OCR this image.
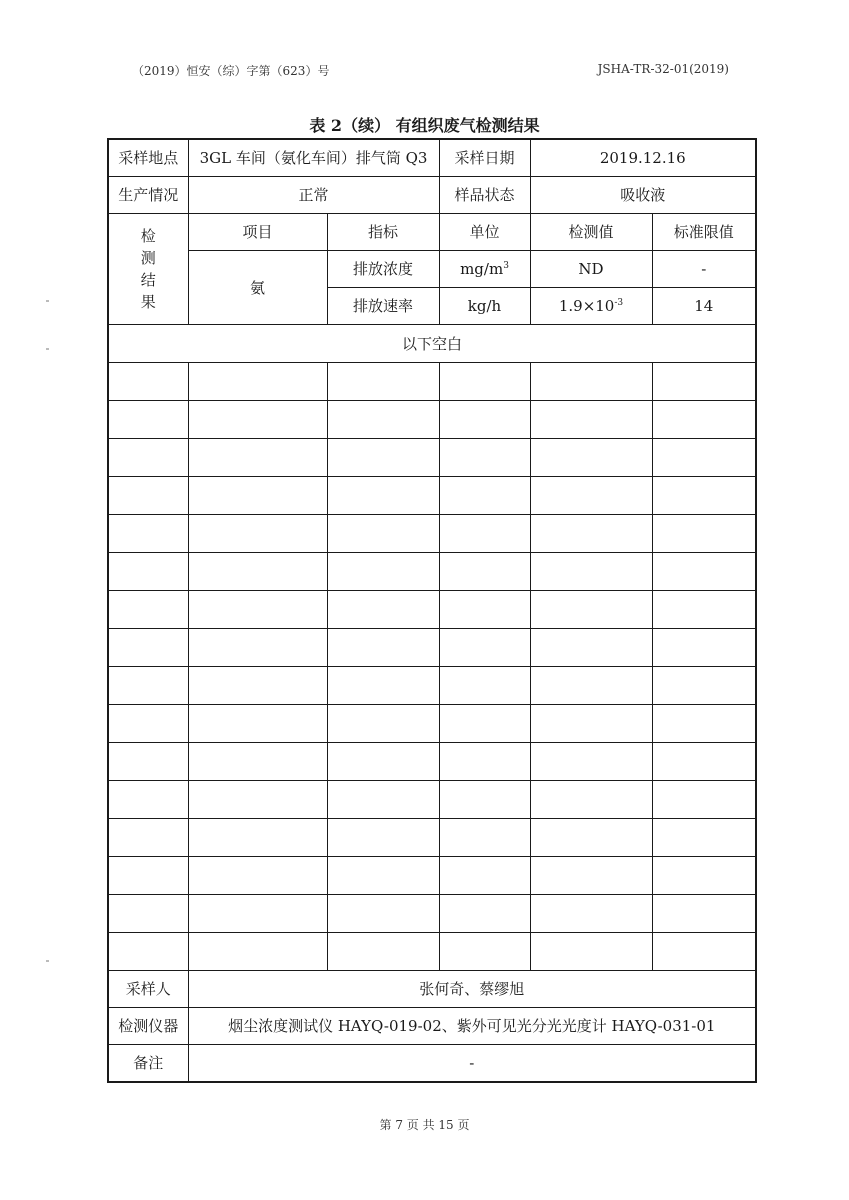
（2019）恒安（综）字第（623）号	JSHA-TR-32-01(2019)
表 2（续） 有组织废气检测结果
采样地点	3GL 车间（氨化车间）排气筒 Q3		采样日期	2019.12.16	
生产情况	正常		样品状态	吸收液	

检
测
结
果	项目	指标	单位	检测值	标准限值
	氨	排放浓度	$mg/m^3$	ND	-
		排放速率	kg/h	$1.9\times 10^{-3}$	14
以下空白					

采样人	张何奇、蔡缪旭				
检测仪器	烟尘浓度测试仪 HAYQ-019-02、紫外可见光分光光度计 HAYQ-031-01				
备注	-				
第 7 页 共 15 页
